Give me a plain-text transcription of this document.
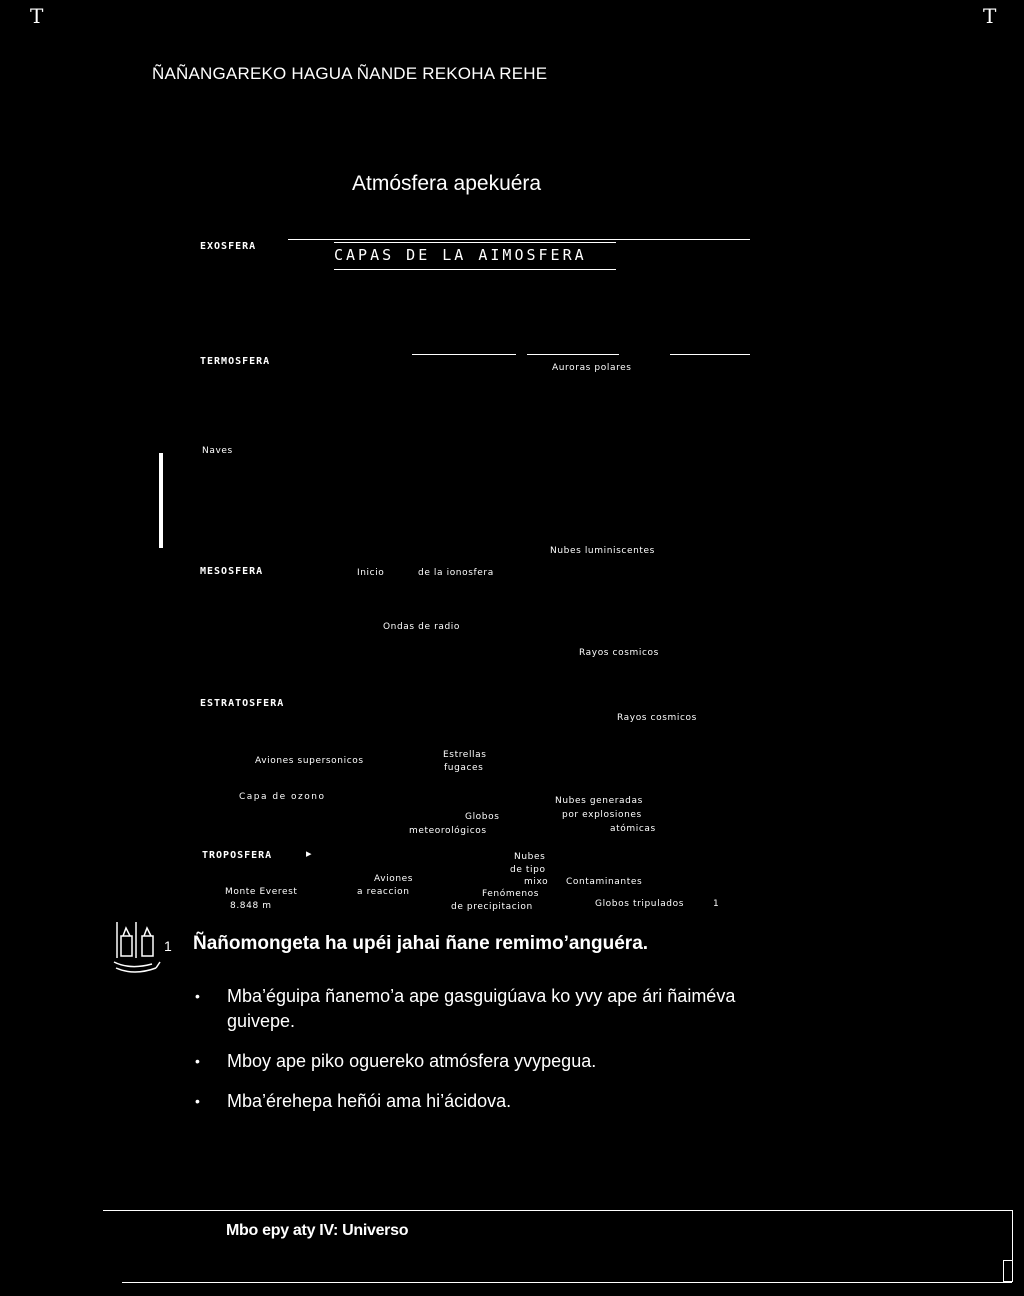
T	T
ÑAÑANGAREKO HAGUA ÑANDE REKOHA REHE
Atmósfera apekuéra
CAPAS DE LA AIMOSFERA
EXOSFERA
TERMOSFERA
Auroras polares
Naves
Nubes luminiscentes
MESOSFERA	Inicio	de la ionosfera
Ondas de radio
Rayos cosmicos
ESTRATOSFERA
Rayos cosmicos
Aviones supersonicos
Estrellas
fugaces
Capa de ozono	Nubes generadas
Globos	por explosiones
meteorológicos	atómicas
TROPOSFERA	▸	Nubes
de tipo
Aviones	mixo Contaminantes
Monte Everest	a reaccion	Fenómenos
8.848 m	de precipitacion	Globos tripulados	1
1 Ñañomongeta ha upéi jahai ñane remimo’anguéra.
• Mba’éguipa ñanemo’a ape gasguigúava ko yvy ape ári ñaiméva guivepe.
• Mboy ape piko oguereko atmósfera yvypegua.
• Mba’érehepa heñói ama hi’ácidova.
Mbo epy aty IV: Universo
